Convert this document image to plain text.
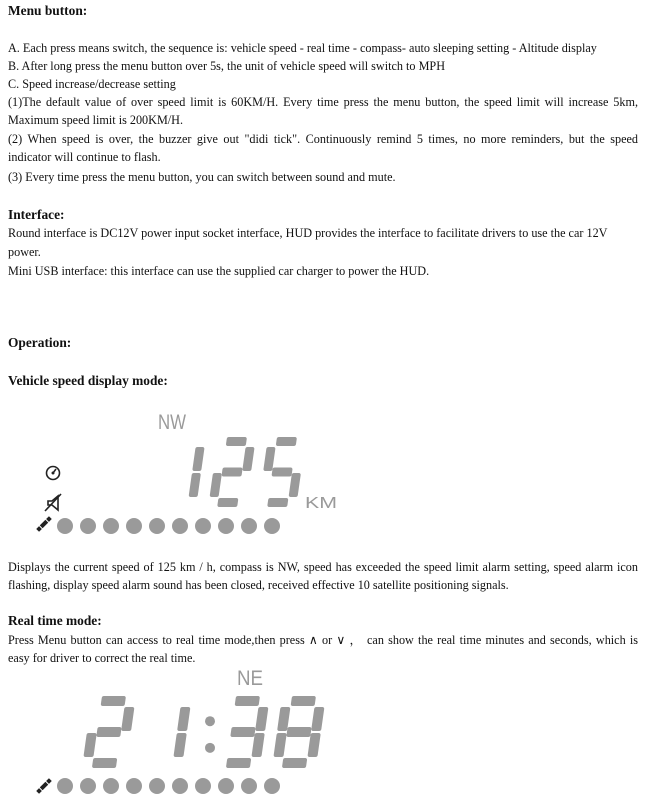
Menu button:
A. Each press means switch, the sequence is: vehicle speed - real time - compass- auto sleeping setting - Altitude display
B. After long press the menu button over 5s, the unit of vehicle speed will switch to MPH
C. Speed increase/decrease setting
(1)The default value of over speed limit is 60KM/H. Every time press the menu button, the speed limit will increase 5km,
Maximum speed limit is 200KM/H.
(2) When speed is over, the buzzer give out "didi tick". Continuously remind 5 times, no more reminders, but the speed
indicator will continue to flash.
(3) Every time press the menu button, you can switch between sound and mute.
Interface:
Round interface is DC12V power input socket interface, HUD provides the interface to facilitate drivers to use the car 12V
power.
Mini USB interface: this interface can use the supplied car charger to power the HUD.
Operation:
Vehicle speed display mode:
NW
KM
NE
Displays the current speed of 125 km / h, compass is NW, speed has exceeded the speed limit alarm setting, speed alarm icon
flashing, display speed alarm sound has been closed, received effective 10 satellite positioning signals.
Real time mode:
Press Menu button can access to real time mode,then press ∧ or ∨ ， can show the real time minutes and seconds, which is
easy for driver to correct the real time.
